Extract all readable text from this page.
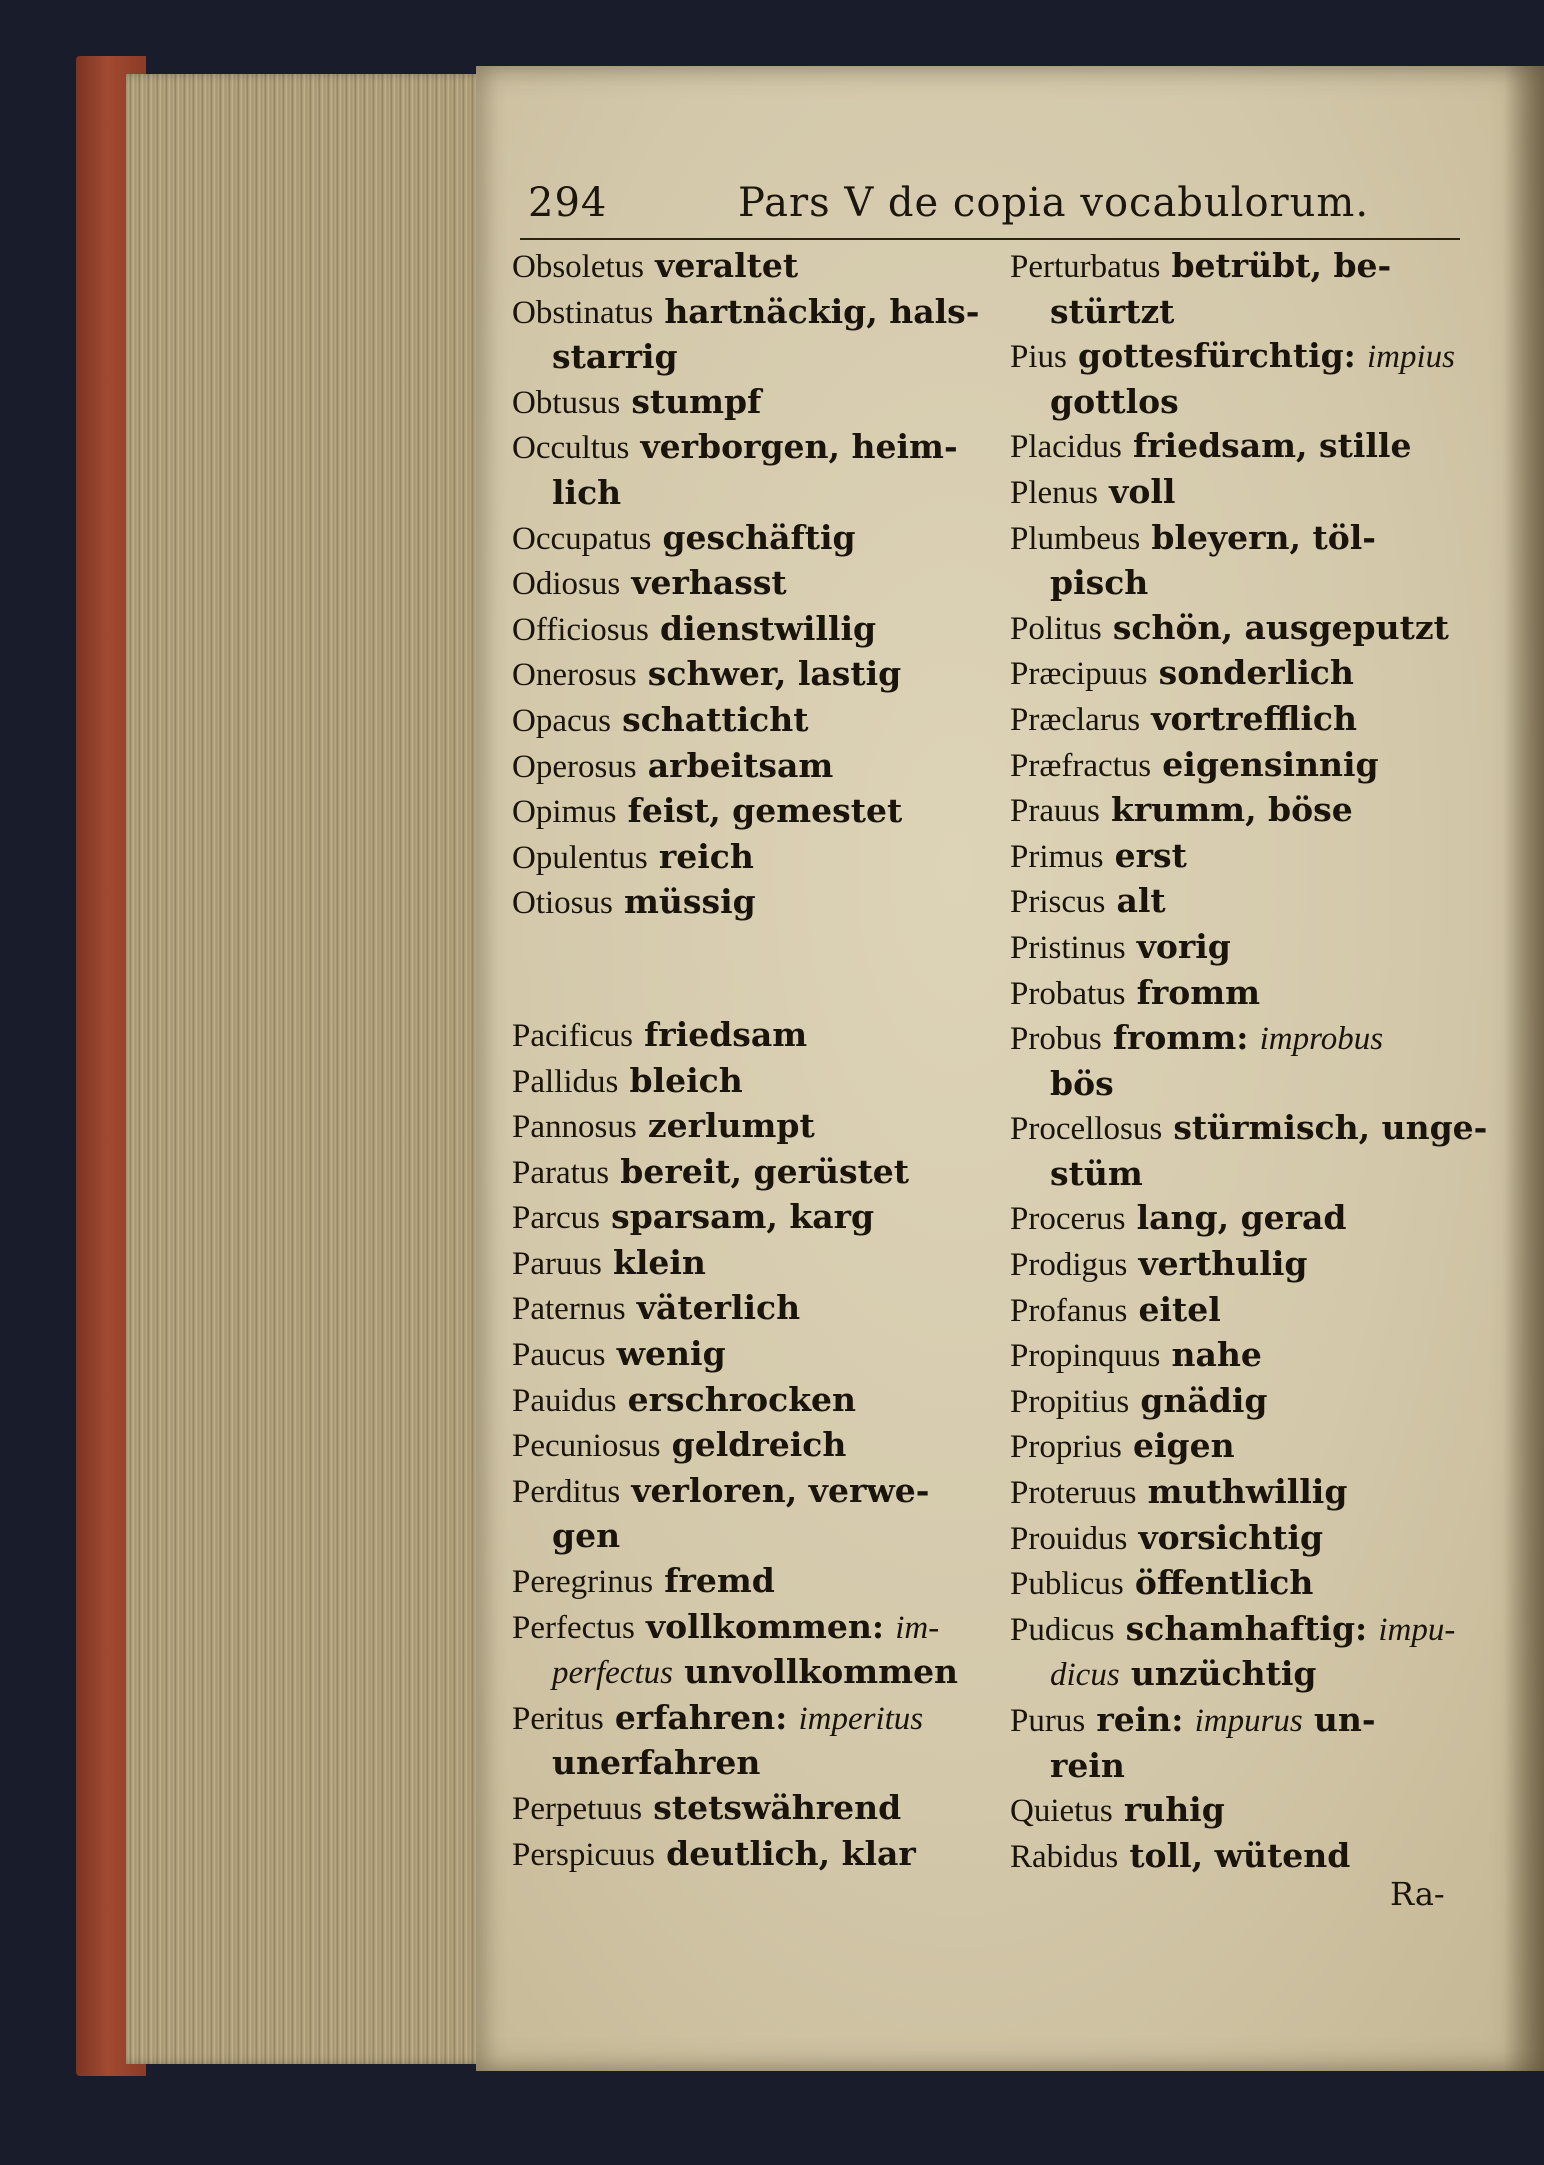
294	Pars V de copia vocabulorum.
Obsoletus veraltet
Obstinatus hartnäckig, hals-
starrig
Obtusus stumpf
Occultus verborgen, heim-
lich
Occupatus geschäftig
Odiosus verhasst
Officiosus dienstwillig
Onerosus schwer, lastig
Opacus schatticht
Operosus arbeitsam
Opimus feist, gemestet
Opulentus reich
Otiosus müssig
Pacificus friedsam
Pallidus bleich
Pannosus zerlumpt
Paratus bereit, gerüstet
Parcus sparsam, karg
Paruus klein
Paternus väterlich
Paucus wenig
Pauidus erschrocken
Pecuniosus geldreich
Perditus verloren, verwe-
gen
Peregrinus fremd
Perfectus vollkommen: im-
perfectus unvollkommen
Peritus erfahren: imperitus
unerfahren
Perpetuus stetswährend
Perspicuus deutlich, klar
Perturbatus betrübt, be-
stürtzt
Pius gottesfürchtig: impius
gottlos
Placidus friedsam, stille
Plenus voll
Plumbeus bleyern, töl-
pisch
Politus schön, ausgeputzt
Præcipuus sonderlich
Præclarus vortrefflich
Præfractus eigensinnig
Prauus krumm, böse
Primus erst
Priscus alt
Pristinus vorig
Probatus fromm
Probus fromm: improbus
bös
Procellosus stürmisch, unge-
stüm
Procerus lang, gerad
Prodigus verthulig
Profanus eitel
Propinquus nahe
Propitius gnädig
Proprius eigen
Proteruus muthwillig
Prouidus vorsichtig
Publicus öffentlich
Pudicus schamhaftig: impu-
dicus unzüchtig
Purus rein: impurus un-
rein
Quietus ruhig
Rabidus toll, wütend
Ra-
